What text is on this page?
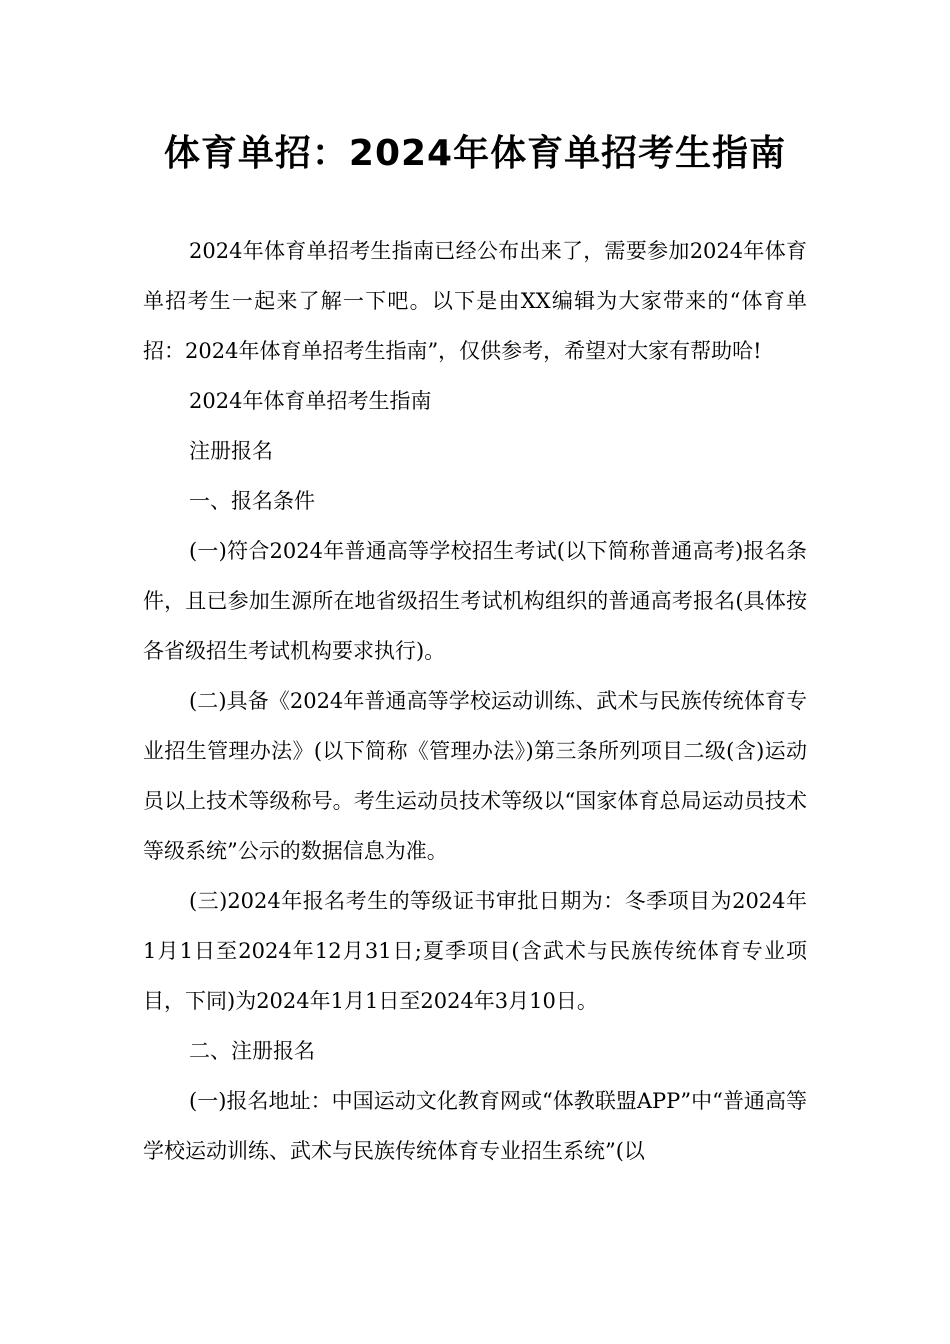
体育单招：2024年体育单招考生指南

2024年体育单招考生指南已经公布出来了，需要参加2024年体育单招考生一起来了解一下吧。以下是由XX编辑为大家带来的“体育单招：2024年体育单招考生指南”，仅供参考，希望对大家有帮助哈!

2024年体育单招考生指南

注册报名

一、报名条件

(一)符合2024年普通高等学校招生考试(以下简称普通高考)报名条件，且已参加生源所在地省级招生考试机构组织的普通高考报名(具体按各省级招生考试机构要求执行)。

(二)具备《2024年普通高等学校运动训练、武术与民族传统体育专业招生管理办法》(以下简称《管理办法》)第三条所列项目二级(含)运动员以上技术等级称号。考生运动员技术等级以“国家体育总局运动员技术等级系统”公示的数据信息为准。

(三)2024年报名考生的等级证书审批日期为：冬季项目为2024年1月1日至2024年12月31日;夏季项目(含武术与民族传统体育专业项目，下同)为2024年1月1日至2024年3月10日。

二、注册报名

(一)报名地址：中国运动文化教育网或“体教联盟APP”中“普通高等学校运动训练、武术与民族传统体育专业招生系统”(以
